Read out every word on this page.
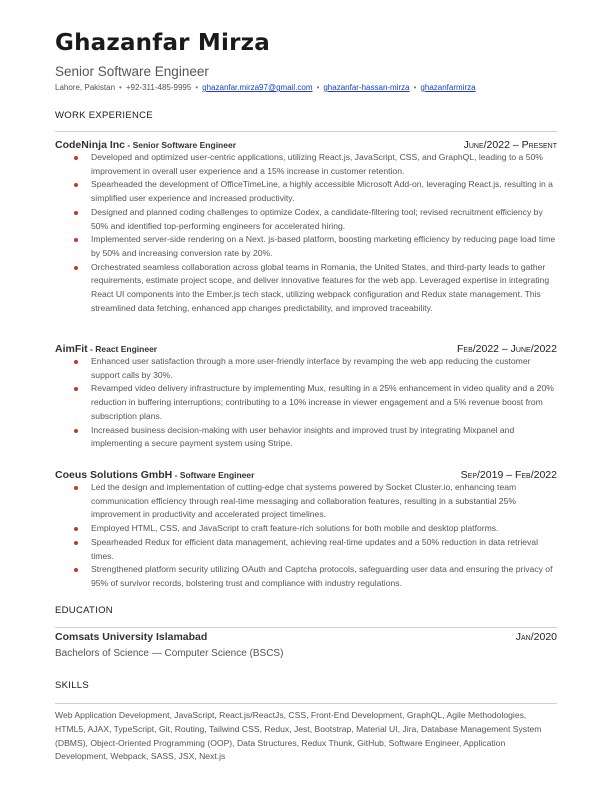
Ghazanfar Mirza
Senior Software Engineer
Lahore, Pakistan • +92-311-485-9995 • ghazanfar.mirza97@gmail.com • ghazanfar-hassan-mirza • ghazanfarmirza
WORK EXPERIENCE
CodeNinja Inc - Senior Software Engineer	June/2022 – Present
Developed and optimized user-centric applications, utilizing React.js, JavaScript, CSS, and GraphQL, leading to a 50% improvement in overall user experience and a 15% increase in customer retention.
Spearheaded the development of OfficeTimeLine, a highly accessible Microsoft Add-on, leveraging React.js, resulting in a simplified user experience and increased productivity.
Designed and planned coding challenges to optimize Codex, a candidate-filtering tool; revised recruitment efficiency by 50% and identified top-performing engineers for accelerated hiring.
Implemented server-side rendering on a Next. js-based platform, boosting marketing efficiency by reducing page load time by 50% and increasing conversion rate by 20%.
Orchestrated seamless collaboration across global teams in Romania, the United States, and third-party leads to gather requirements, estimate project scope, and deliver innovative features for the web app. Leveraged expertise in integrating React UI components into the Ember.js tech stack, utilizing webpack configuration and Redux state management. This streamlined data fetching, enhanced app changes predictability, and improved traceability.
AimFit - React Engineer	Feb/2022 – June/2022
Enhanced user satisfaction through a more user-friendly interface by revamping the web app reducing the customer support calls by 30%.
Revamped video delivery infrastructure by implementing Mux, resulting in a 25% enhancement in video quality and a 20% reduction in buffering interruptions; contributing to a 10% increase in viewer engagement and a 5% revenue boost from subscription plans.
Increased business decision-making with user behavior insights and improved trust by integrating Mixpanel and implementing a secure payment system using Stripe.
Coeus Solutions GmbH - Software Engineer	Sep/2019 – Feb/2022
Led the design and implementation of cutting-edge chat systems powered by Socket Cluster.io, enhancing team communication efficiency through real-time messaging and collaboration features, resulting in a substantial 25% improvement in productivity and accelerated project timelines.
Employed HTML, CSS, and JavaScript to craft feature-rich solutions for both mobile and desktop platforms.
Spearheaded Redux for efficient data management, achieving real-time updates and a 50% reduction in data retrieval times.
Strengthened platform security utilizing OAuth and Captcha protocols, safeguarding user data and ensuring the privacy of 95% of survivor records, bolstering trust and compliance with industry regulations.
EDUCATION
Comsats University Islamabad	Jan/2020
Bachelors of Science — Computer Science (BSCS)
SKILLS
Web Application Development, JavaScript, React.js/ReactJs, CSS, Front-End Development, GraphQL, Agile Methodologies, HTML5, AJAX, TypeScript, Git, Routing, Tailwind CSS, Redux, Jest, Bootstrap, Material UI, Jira, Database Management System (DBMS), Object-Oriented Programming (OOP), Data Structures, Redux Thunk, GitHub, Software Engineer, Application Development, Webpack, SASS, JSX, Next.js
